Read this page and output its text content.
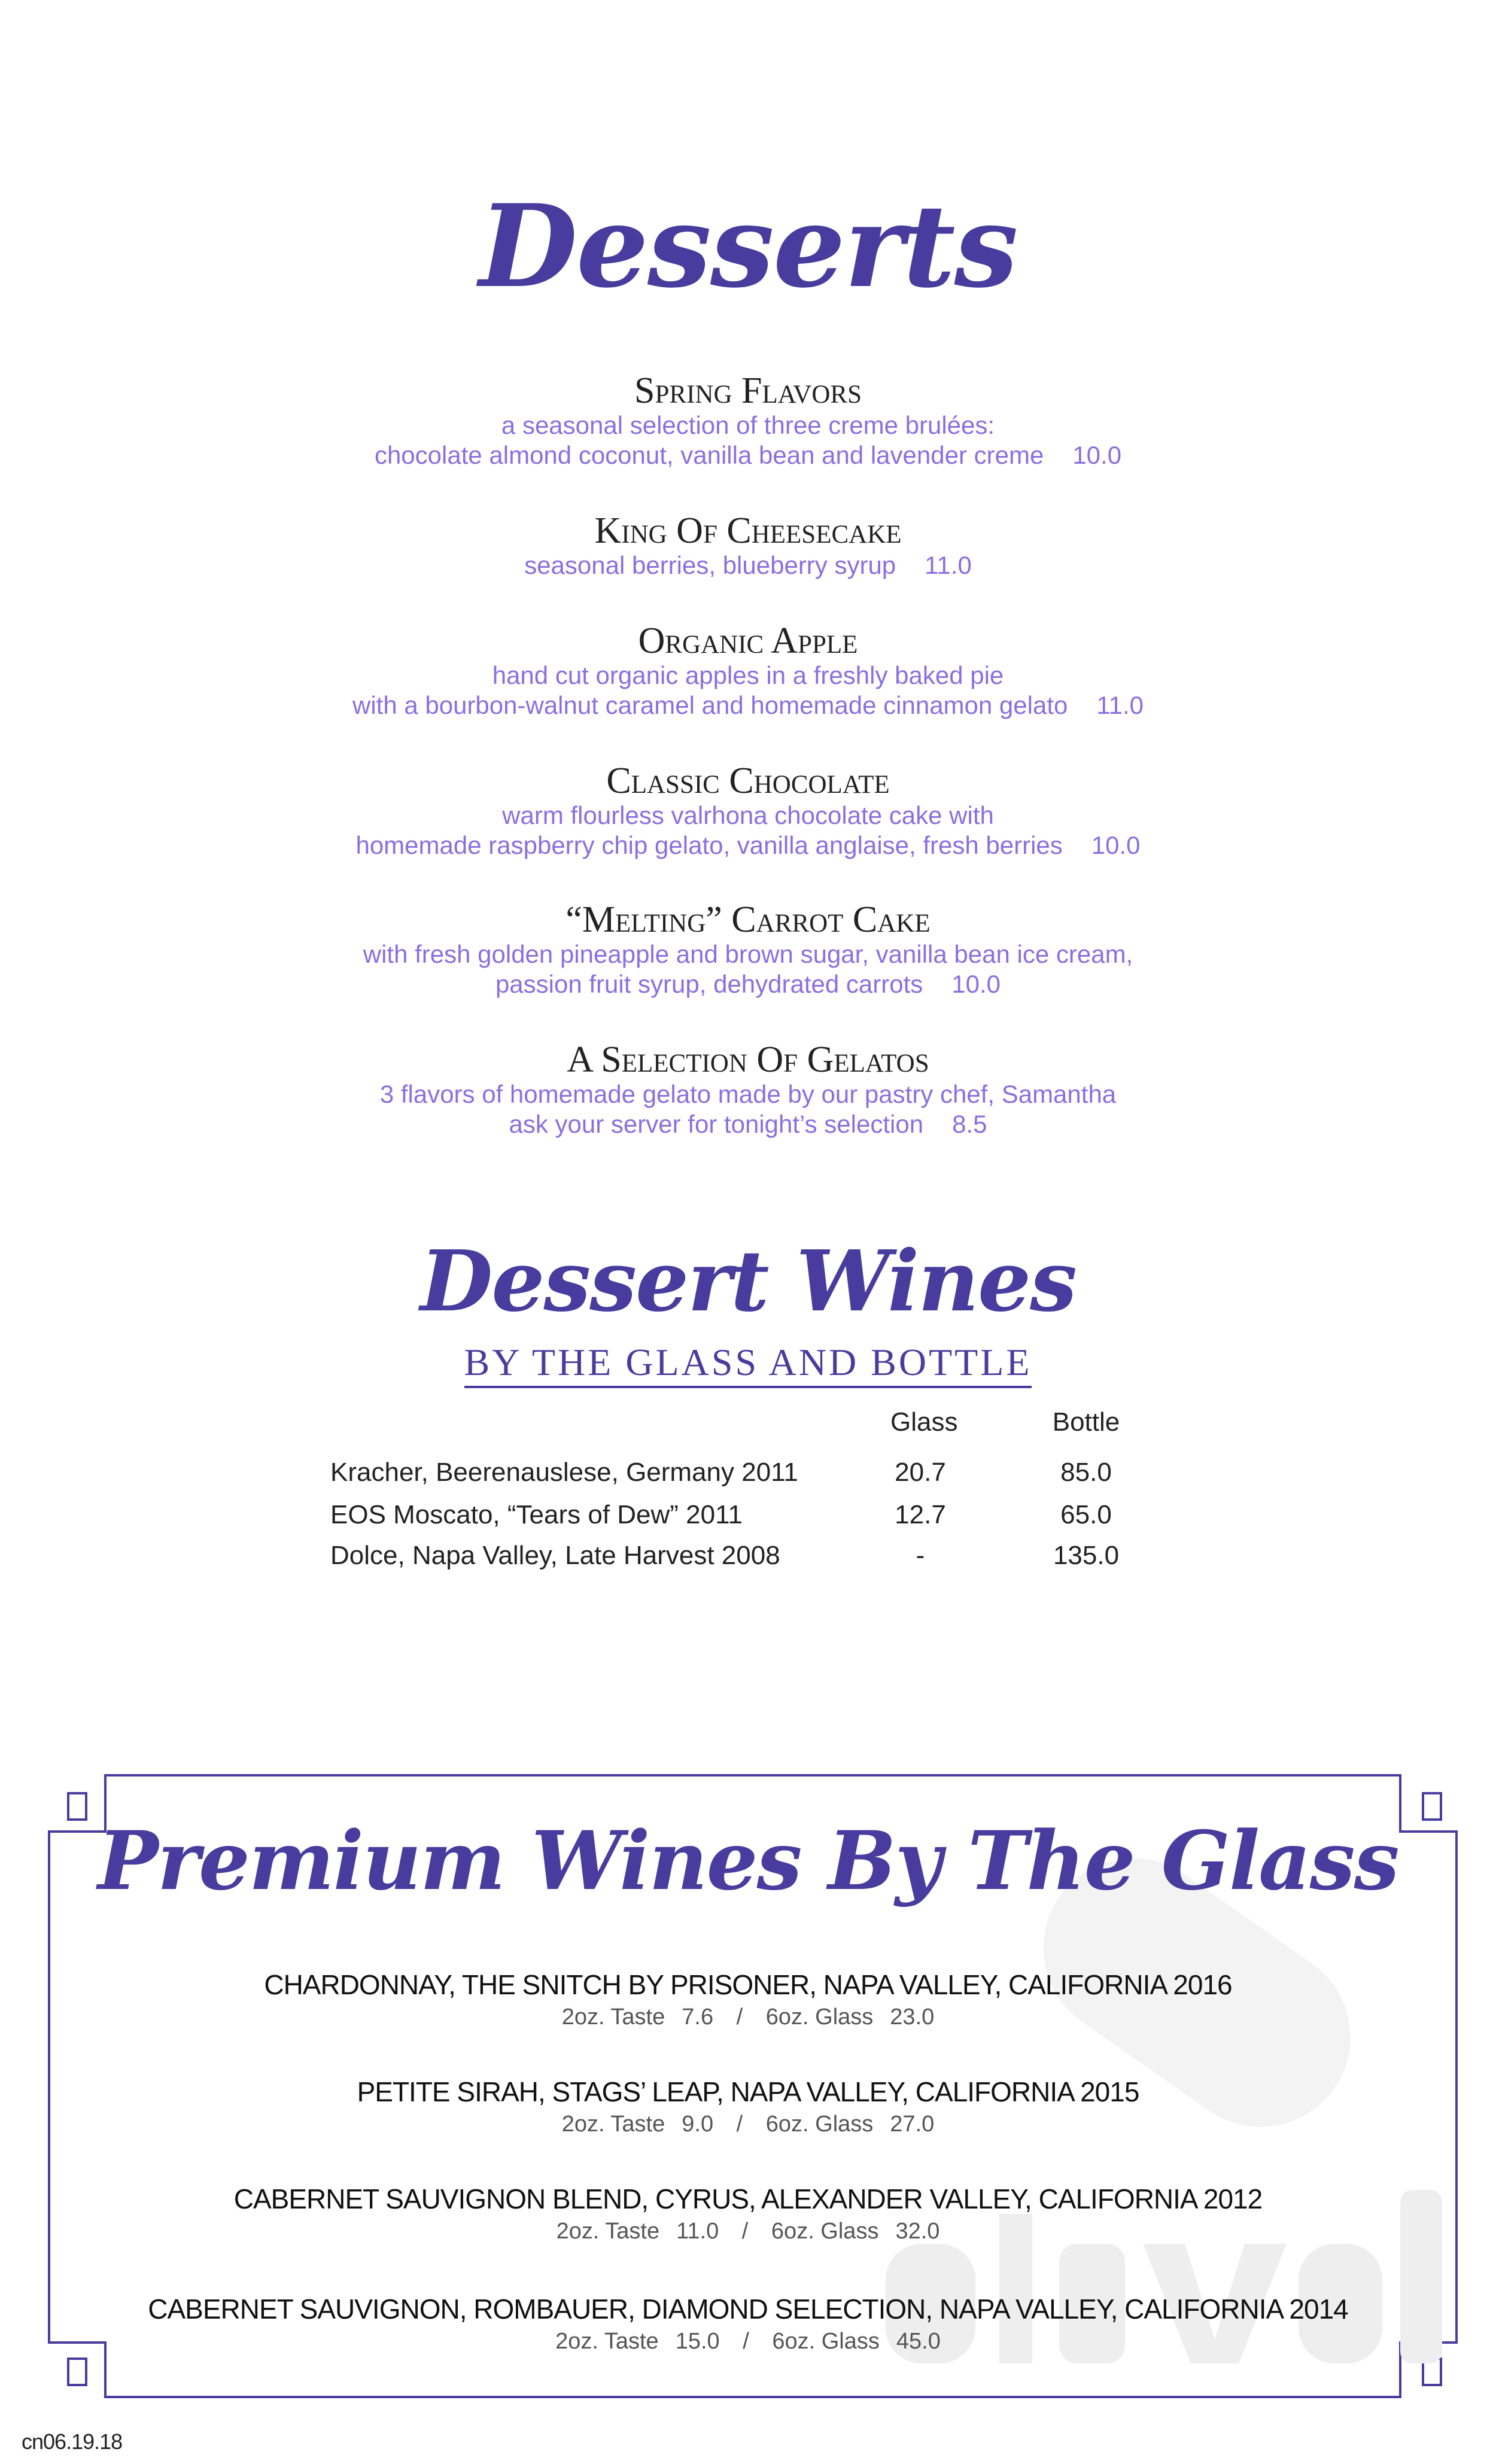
Desserts
Spring Flavors
a seasonal selection of three creme brulées:
chocolate almond coconut, vanilla bean and lavender creme 10.0
King Of Cheesecake
seasonal berries, blueberry syrup 11.0
Organic Apple
hand cut organic apples in a freshly baked pie
with a bourbon-walnut caramel and homemade cinnamon gelato 11.0
Classic Chocolate
warm flourless valrhona chocolate cake with
homemade raspberry chip gelato, vanilla anglaise, fresh berries 10.0
“Melting” Carrot Cake
with fresh golden pineapple and brown sugar, vanilla bean ice cream,
passion fruit syrup, dehydrated carrots 10.0
A Selection Of Gelatos
3 flavors of homemade gelato made by our pastry chef, Samantha
ask your server for tonight’s selection 8.5
Dessert Wines
BY THE GLASS AND BOTTLE
Glass	Bottle
Kracher, Beerenauslese, Germany 2011	20.7	85.0
EOS Moscato, “Tears of Dew” 2011	12.7	65.0
Dolce, Napa Valley, Late Harvest 2008	-	135.0
Premium Wines By The Glass
CHARDONNAY, THE SNITCH BY PRISONER, NAPA VALLEY, CALIFORNIA 2016
2oz. Taste 7.6 / 6oz. Glass 23.0
PETITE SIRAH, STAGS’ LEAP, NAPA VALLEY, CALIFORNIA 2015
2oz. Taste 9.0 / 6oz. Glass 27.0
CABERNET SAUVIGNON BLEND, CYRUS, ALEXANDER VALLEY, CALIFORNIA 2012
2oz. Taste 11.0 / 6oz. Glass 32.0
CABERNET SAUVIGNON, ROMBAUER, DIAMOND SELECTION, NAPA VALLEY, CALIFORNIA 2014
2oz. Taste 15.0 / 6oz. Glass 45.0
cn06.19.18
